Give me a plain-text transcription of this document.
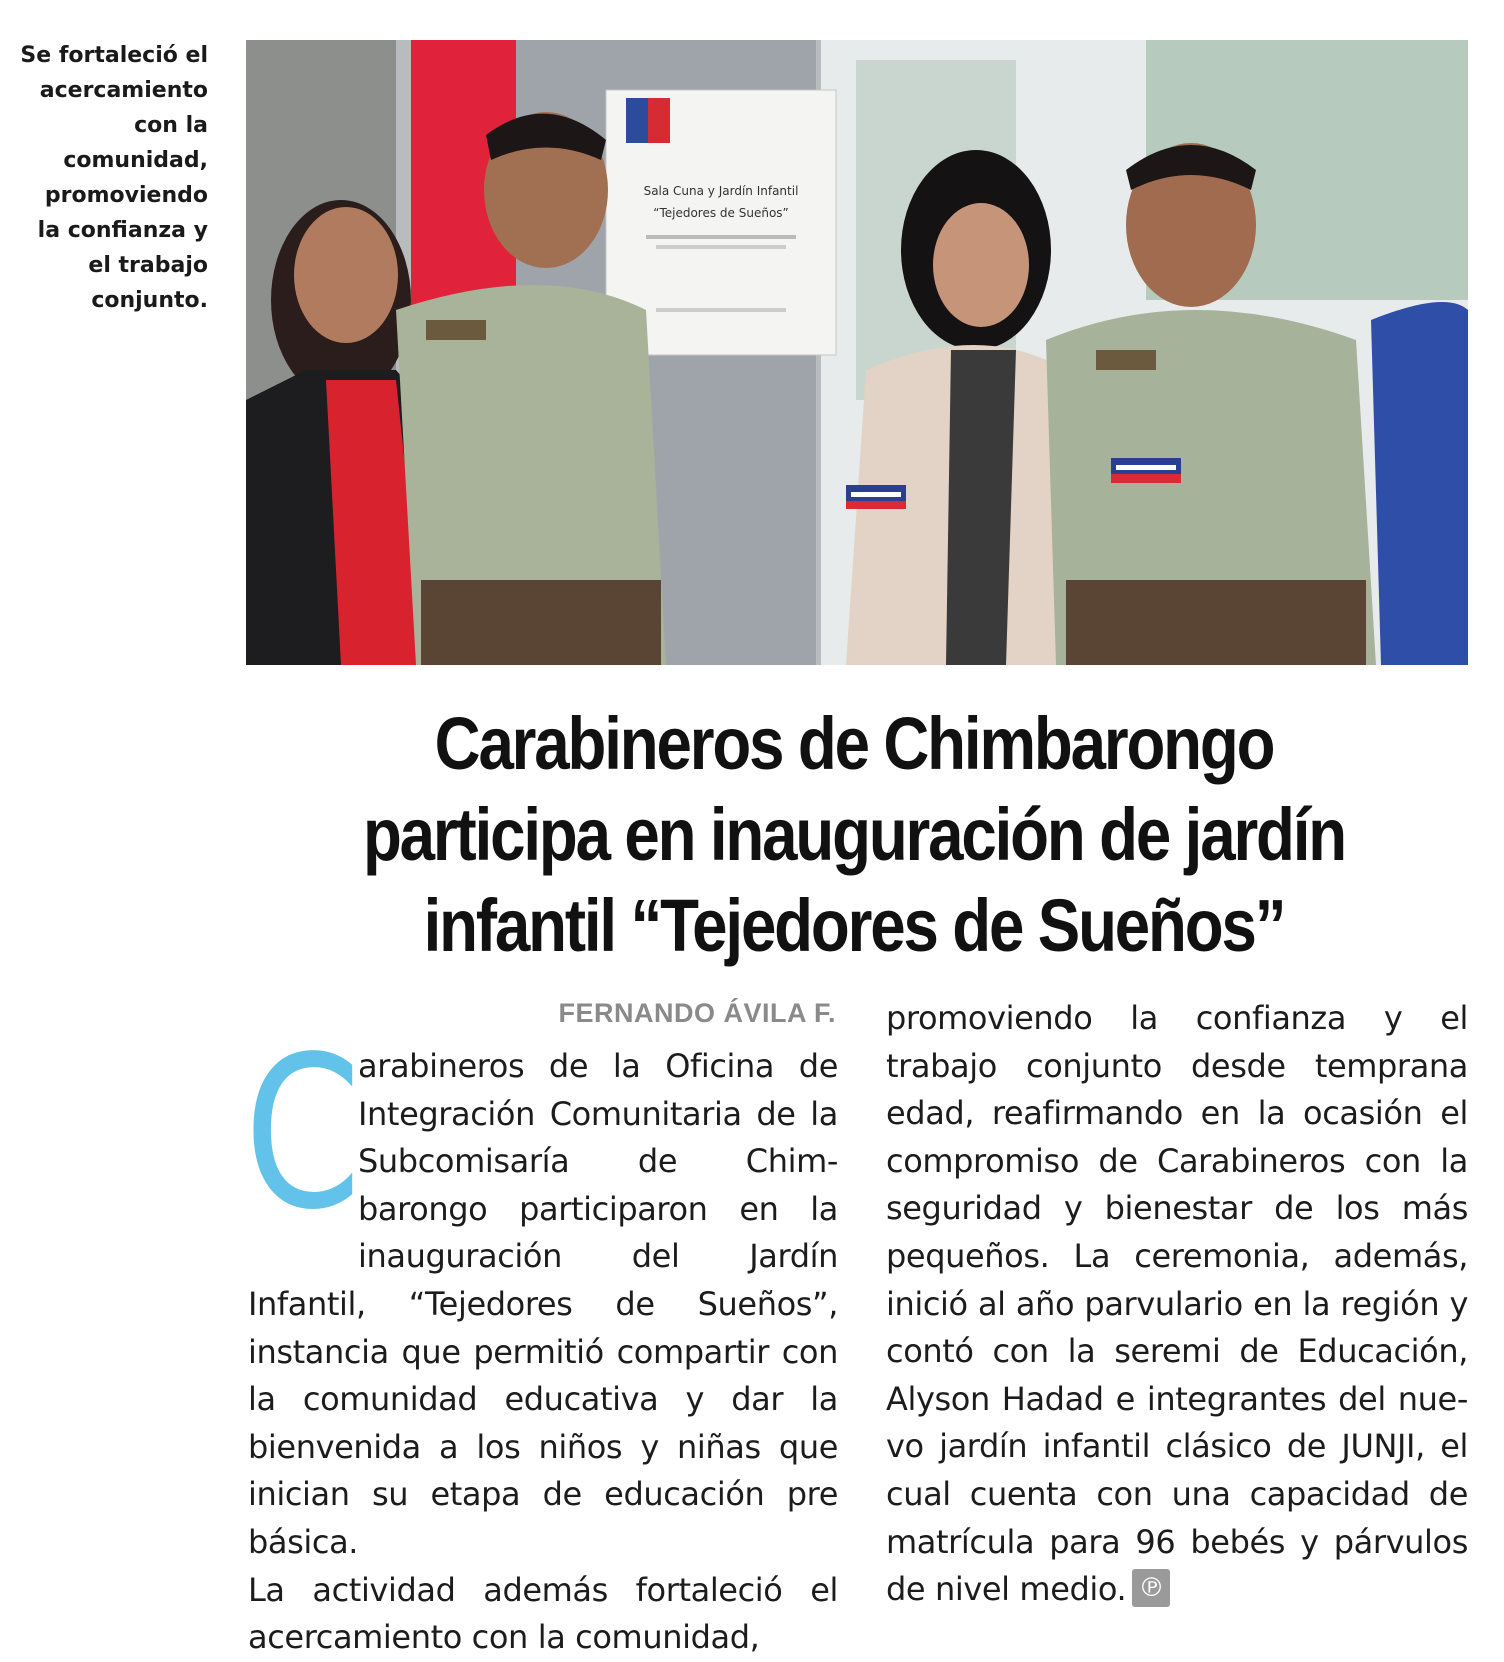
Se fortaleció el acercamiento con la comunidad, promoviendo la confianza y el trabajo conjunto.
Sala Cuna y Jardín Infantil
“Tejedores de Sueños”
Carabineros de Chimbarongo participa en inauguración de jardín infantil “Tejedores de Sueños”
FERNANDO ÁVILA F.
C

arabineros de la Oficina de Integración Comunitaria de la Subcomisaría de Chim-barongo participaron en la inauguración del Jardín Infantil, “Tejedores de Sueños”, instancia que permitió compartir con la comunidad educativa y dar la bienvenida a los niños y niñas que inician su etapa de educación pre básica.

La actividad además fortaleció el acercamiento con la comunidad,

promoviendo la confianza y el trabajo conjunto desde temprana edad, reafirmando en la ocasión el compromiso de Carabineros con la seguridad y bienestar de los más pequeños. La ceremonia, además, inició al año parvulario en la región y contó con la seremi de Educación, Alyson Hadad e integrantes del nue-vo jardín infantil clásico de JUNJI, el cual cuenta con una capacidad de matrícula para 96 bebés y párvulos de nivel medio. ℗
